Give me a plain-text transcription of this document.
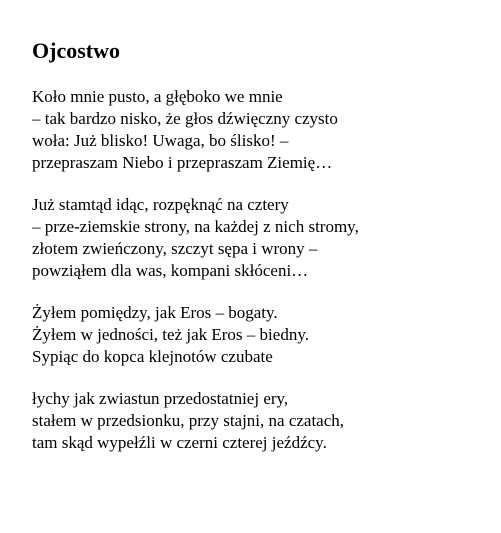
Ojcostwo
Koło mnie pusto, a głęboko we mnie
– tak bardzo nisko, że głos dźwięczny czysto
woła: Już blisko! Uwaga, bo ślisko! –
przepraszam Niebo i przepraszam Ziemię…
Już stamtąd idąc, rozpęknąć na cztery
– prze-ziemskie strony, na każdej z nich stromy,
złotem zwieńczony, szczyt sępa i wrony –
powziąłem dla was, kompani skłóceni…
Żyłem pomiędzy, jak Eros – bogaty.
Żyłem w jedności, też jak Eros – biedny.
Sypiąc do kopca klejnotów czubate
łychy jak zwiastun przedostatniej ery,
stałem w przedsionku, przy stajni, na czatach,
tam skąd wypełźli w czerni czterej jeźdźcy.
